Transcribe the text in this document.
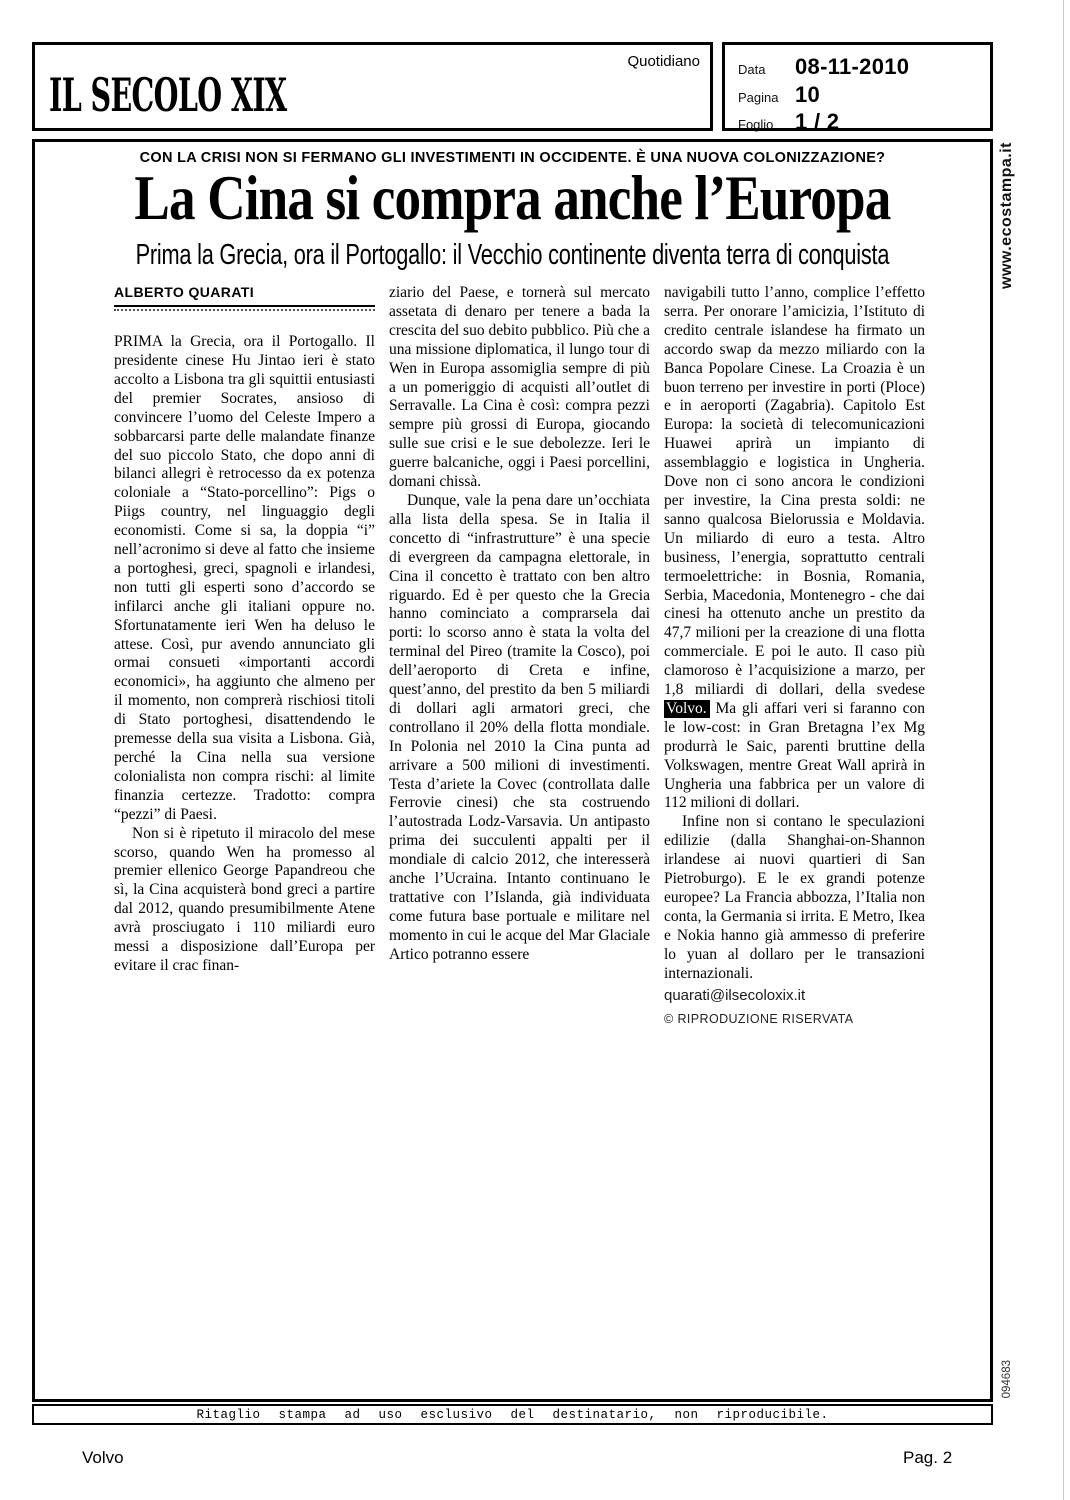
IL SECOLO XIX
Quotidiano	Data	08-11-2010
Pagina 10
Foglio 1 / 2
CON LA CRISI NON SI FERMANO GLI INVESTIMENTI IN OCCIDENTE. È UNA NUOVA COLONIZZAZIONE?
La Cina si compra anche l’Europa
Prima la Grecia, ora il Portogallo: il Vecchio continente diventa terra di conquista
ALBERTO QUARATI

PRIMA la Grecia, ora il Portogallo. Il presidente cinese Hu Jintao ieri è stato accolto a Lisbona tra gli squittii entusiasti del premier Socrates, ansioso di convincere l’uomo del Celeste Impero a sobbarcarsi parte delle malandate finanze del suo piccolo Stato, che dopo anni di bilanci allegri è retrocesso da ex potenza coloniale a “Stato-porcellino”: Pigs o Piigs country, nel linguaggio degli economisti. Come si sa, la doppia “i” nell’acronimo si deve al fatto che insieme a portoghesi, greci, spagnoli e irlandesi, non tutti gli esperti sono d’accordo se infilarci anche gli italiani oppure no. Sfortunatamente ieri Wen ha deluso le attese. Così, pur avendo annunciato gli ormai consueti «importanti accordi economici», ha aggiunto che almeno per il momento, non comprerà rischiosi titoli di Stato portoghesi, disattendendo le premesse della sua visita a Lisbona. Già, perché la Cina nella sua versione colonialista non compra rischi: al limite finanzia certezze. Tradotto: compra “pezzi” di Paesi.

Non si è ripetuto il miracolo del mese scorso, quando Wen ha promesso al premier ellenico George Papandreou che sì, la Cina acquisterà bond greci a partire dal 2012, quando presumibilmente Atene avrà prosciugato i 110 miliardi euro messi a disposizione dall’Europa per evitare il crac finan-

ziario del Paese, e tornerà sul mercato assetata di denaro per tenere a bada la crescita del suo debito pubblico. Più che a una missione diplomatica, il lungo tour di Wen in Europa assomiglia sempre di più a un pomeriggio di acquisti all’outlet di Serravalle. La Cina è così: compra pezzi sempre più grossi di Europa, giocando sulle sue crisi e le sue debolezze. Ieri le guerre balcaniche, oggi i Paesi porcellini, domani chissà.

Dunque, vale la pena dare un’occhiata alla lista della spesa. Se in Italia il concetto di “infrastrutture” è una specie di evergreen da campagna elettorale, in Cina il concetto è trattato con ben altro riguardo. Ed è per questo che la Grecia hanno cominciato a comprarsela dai porti: lo scorso anno è stata la volta del terminal del Pireo (tramite la Cosco), poi dell’aeroporto di Creta e infine, quest’anno, del prestito da ben 5 miliardi di dollari agli armatori greci, che controllano il 20% della flotta mondiale. In Polonia nel 2010 la Cina punta ad arrivare a 500 milioni di investimenti. Testa d’ariete la Covec (controllata dalle Ferrovie cinesi) che sta costruendo l’autostrada Lodz-Varsavia. Un antipasto prima dei succulenti appalti per il mondiale di calcio 2012, che interesserà anche l’Ucraina. Intanto continuano le trattative con l’Islanda, già individuata come futura base portuale e militare nel momento in cui le acque del Mar Glaciale Artico potranno essere

navigabili tutto l’anno, complice l’effetto serra. Per onorare l’amicizia, l’Istituto di credito centrale islandese ha firmato un accordo swap da mezzo miliardo con la Banca Popolare Cinese. La Croazia è un buon terreno per investire in porti (Ploce) e in aeroporti (Zagabria). Capitolo Est Europa: la società di telecomunicazioni Huawei aprirà un impianto di assemblaggio e logistica in Ungheria. Dove non ci sono ancora le condizioni per investire, la Cina presta soldi: ne sanno qualcosa Bielorussia e Moldavia. Un miliardo di euro a testa. Altro business, l’energia, soprattutto centrali termoelettriche: in Bosnia, Romania, Serbia, Macedonia, Montenegro - che dai cinesi ha ottenuto anche un prestito da 47,7 milioni per la creazione di una flotta commerciale. E poi le auto. Il caso più clamoroso è l’acquisizione a marzo, per 1,8 miliardi di dollari, della svedese Volvo. Ma gli affari veri si faranno con le low-cost: in Gran Bretagna l’ex Mg produrrà le Saic, parenti bruttine della Volkswagen, mentre Great Wall aprirà in Ungheria una fabbrica per un valore di 112 milioni di dollari.

Infine non si contano le speculazioni edilizie (dalla Shanghai-on-Shannon irlandese ai nuovi quartieri di San Pietroburgo). E le ex grandi potenze europee? La Francia abbozza, l’Italia non conta, la Germania si irrita. E Metro, Ikea e Nokia hanno già ammesso di preferire lo yuan al dollaro per le transazioni internazionali.

quarati@ilsecoloxix.it
© RIPRODUZIONE RISERVATA
Ritaglio stampa ad uso esclusivo del destinatario, non riproducibile.
Volvo	Pag. 2
www.ecostampa.it
094683
